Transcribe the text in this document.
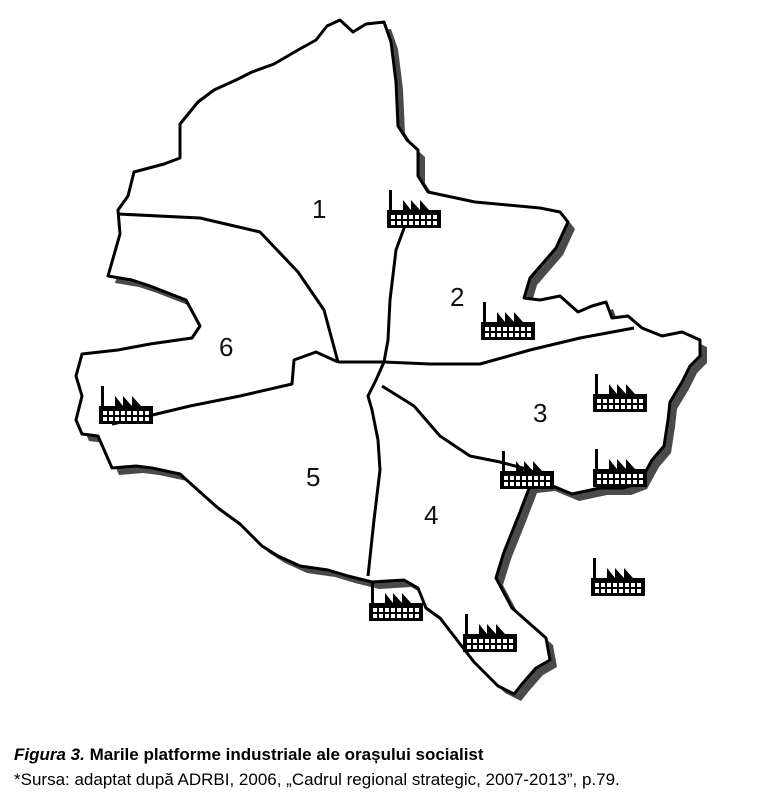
1
2
3
4
5
6
Figura 3. Marile platforme industriale ale orașului socialist
*Sursa: adaptat după ADRBI, 2006, „Cadrul regional strategic, 2007-2013”, p.79.
